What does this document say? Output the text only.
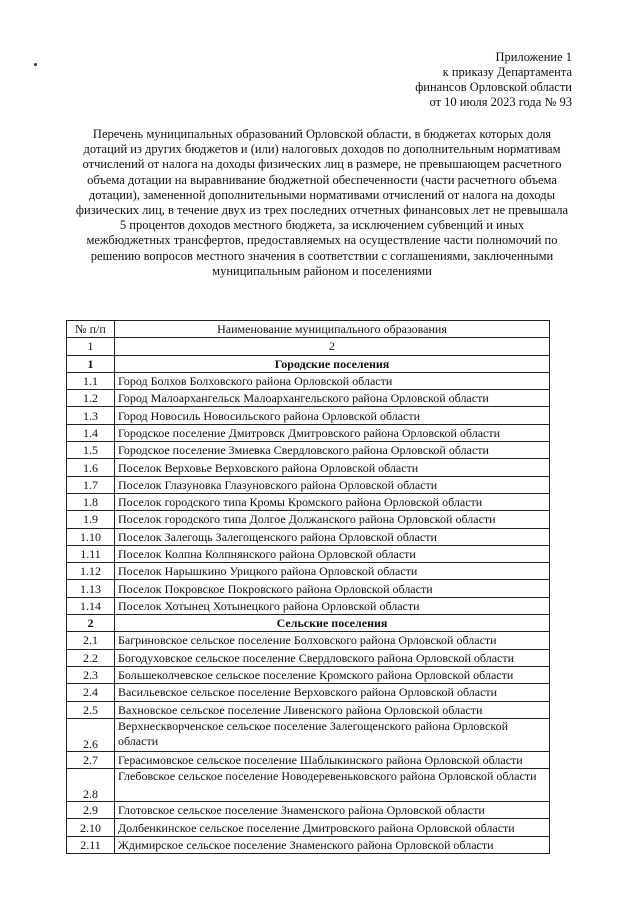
Приложение 1
к приказу Департамента
финансов Орловской области
от 10 июля 2023 года № 93
Перечень муниципальных образований Орловской области, в бюджетах которых доля
дотаций из других бюджетов и (или) налоговых доходов по дополнительным нормативам
отчислений от налога на доходы физических лиц в размере, не превышающем расчетного
объема дотации на выравнивание бюджетной обеспеченности (части расчетного объема
дотации), замененной дополнительными нормативами отчислений от налога на доходы
физических лиц, в течение двух из трех последних отчетных финансовых лет не превышала
5 процентов доходов местного бюджета, за исключением субвенций и иных
межбюджетных трансфертов, предоставляемых на осуществление части полномочий по
решению вопросов местного значения в соответствии с соглашениями, заключенными
муниципальным районом и поселениями
№ п/п	Наименование муниципального образования
1	2
1	Городские поселения
1.1	Город Болхов Болховского района Орловской области
1.2	Город Малоархангельск Малоархангельского района Орловской области
1.3	Город Новосиль Новосильского района Орловской области
1.4	Городское поселение Дмитровск Дмитровского района Орловской области
1.5	Городское поселение Змиевка Свердловского района Орловской области
1.6	Поселок Верховье Верховского района Орловской области
1.7	Поселок Глазуновка Глазуновского района Орловской области
1.8	Поселок городского типа Кромы Кромского района Орловской области
1.9	Поселок городского типа Долгое Должанского района Орловской области
1.10	Поселок Залегощь Залегощенского района Орловской области
1.11	Поселок Колпна Колпнянского района Орловской области
1.12	Поселок Нарышкино Урицкого района Орловской области
1.13	Поселок Покровское Покровского района Орловской области
1.14	Поселок Хотынец Хотынецкого района Орловской области
2	Сельские поселения
2.1	Багриновское сельское поселение Болховского района Орловской области
2.2	Богодуховское сельское поселение Свердловского района Орловской области
2.3	Большеколчевское сельское поселение Кромского района Орловской области
2.4	Васильевское сельское поселение Верховского района Орловской области
2.5	Вахновское сельское поселение Ливенского района Орловской области
2.6	Верхнескворченское сельское поселение Залегощенского района Орловской области
2.7	Герасимовское сельское поселение Шаблыкинского района Орловской области
2.8	Глебовское сельское поселение Новодеревеньковского района Орловской области
2.9	Глотовское сельское поселение Знаменского района Орловской области
2.10	Долбенкинское сельское поселение Дмитровского района Орловской области
2.11	Ждимирское сельское поселение Знаменского района Орловской области
